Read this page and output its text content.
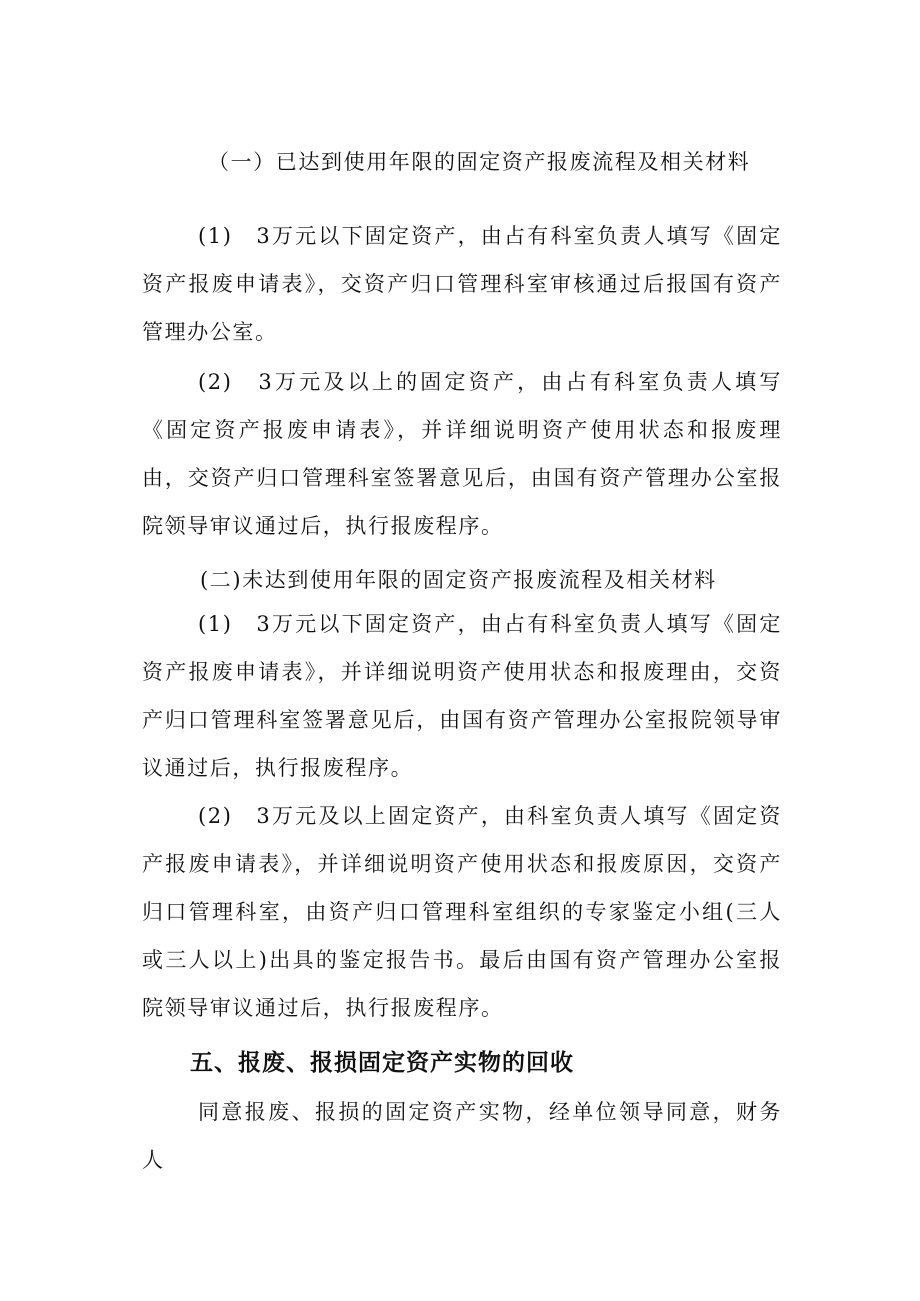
（一）已达到使用年限的固定资产报废流程及相关材料
(1)　3万元以下固定资产，由占有科室负责人填写《固定资产报废申请表》，交资产归口管理科室审核通过后报国有资产管理办公室。
(2)　3万元及以上的固定资产，由占有科室负责人填写《固定资产报废申请表》，并详细说明资产使用状态和报废理由，交资产归口管理科室签署意见后，由国有资产管理办公室报院领导审议通过后，执行报废程序。
(二)未达到使用年限的固定资产报废流程及相关材料
(1)　3万元以下固定资产，由占有科室负责人填写《固定资产报废申请表》，并详细说明资产使用状态和报废理由，交资产归口管理科室签署意见后，由国有资产管理办公室报院领导审议通过后，执行报废程序。
(2)　3万元及以上固定资产，由科室负责人填写《固定资产报废申请表》，并详细说明资产使用状态和报废原因，交资产归口管理科室，由资产归口管理科室组织的专家鉴定小组(三人或三人以上)出具的鉴定报告书。最后由国有资产管理办公室报院领导审议通过后，执行报废程序。
五、报废、报损固定资产实物的回收
同意报废、报损的固定资产实物，经单位领导同意，财务人
